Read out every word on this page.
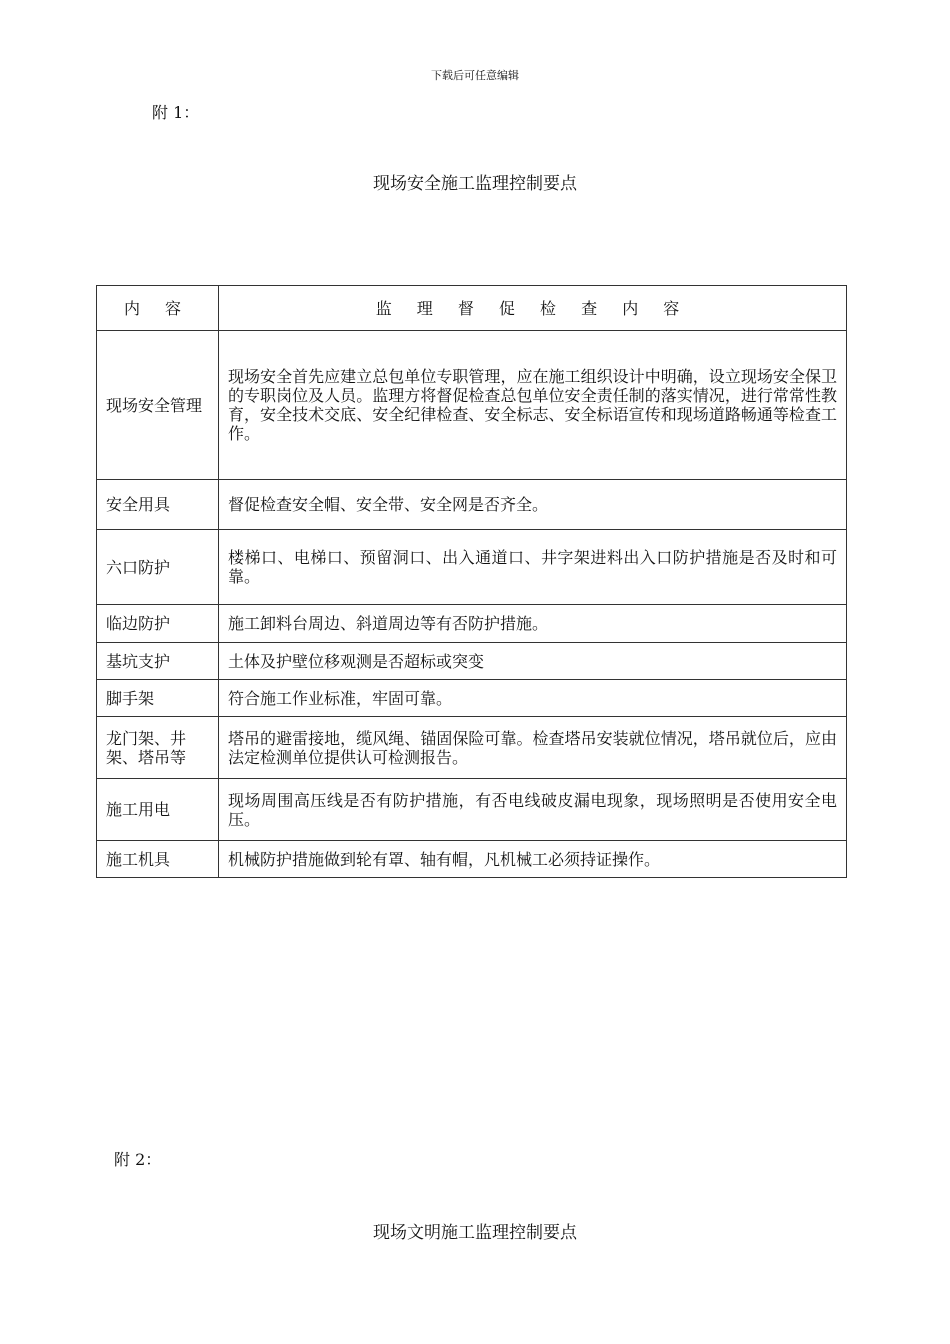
下载后可任意编辑
附 1：
现场安全施工监理控制要点
内 容	监 理 督 促 检 查 内 容
现场安全管理	现场安全首先应建立总包单位专职管理，应在施工组织设计中明确，设立现场安全保卫的专职岗位及人员。监理方将督促检查总包单位安全责任制的落实情况，进行常常性教育，安全技术交底、安全纪律检查、安全标志、安全标语宣传和现场道路畅通等检查工作。
安全用具	督促检查安全帽、安全带、安全网是否齐全。
六口防护	楼梯口、电梯口、预留洞口、出入通道口、井字架进料出入口防护措施是否及时和可靠。
临边防护	施工卸料台周边、斜道周边等有否防护措施。
基坑支护	土体及护壁位移观测是否超标或突变
脚手架	符合施工作业标准，牢固可靠。
龙门架、井架、塔吊等	塔吊的避雷接地，缆风绳、锚固保险可靠。检查塔吊安装就位情况，塔吊就位后，应由法定检测单位提供认可检测报告。
施工用电	现场周围高压线是否有防护措施，有否电线破皮漏电现象，现场照明是否使用安全电压。
施工机具	机械防护措施做到轮有罩、轴有帽，凡机械工必须持证操作。
附 2：
现场文明施工监理控制要点
